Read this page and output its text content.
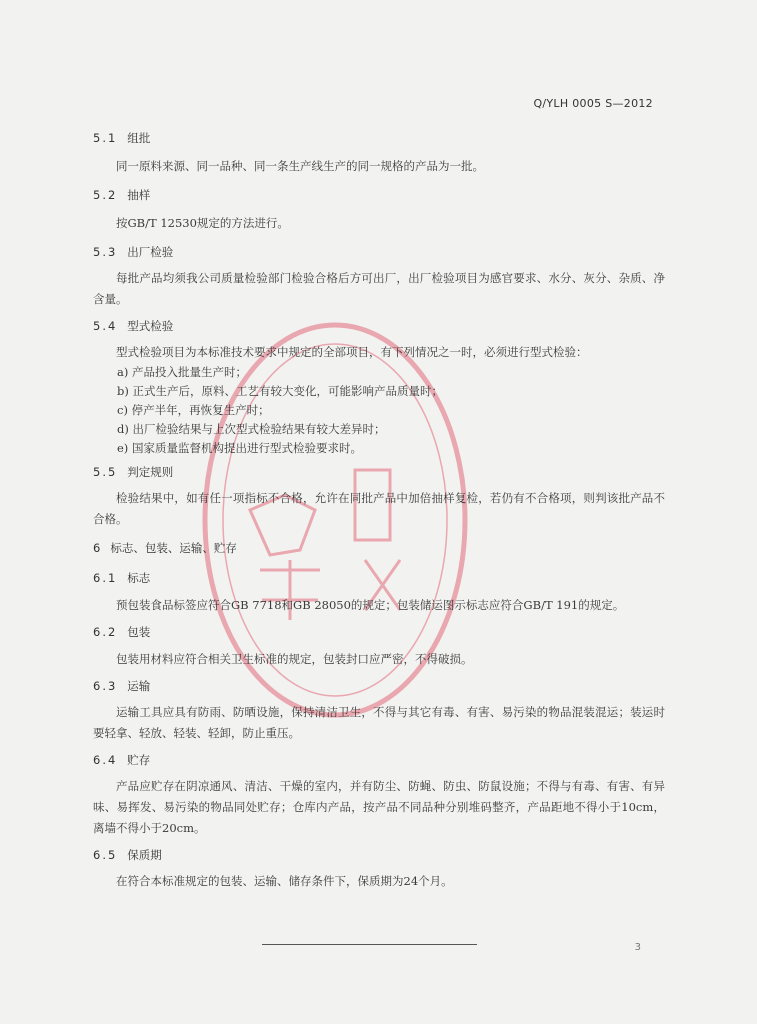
Q/YLH 0005 S—2012
5.1 组批

同一原料来源、同一品种、同一条生产线生产的同一规格的产品为一批。

5.2 抽样

按GB/T 12530规定的方法进行。

5.3 出厂检验

每批产品均须我公司质量检验部门检验合格后方可出厂，出厂检验项目为感官要求、水分、灰分、杂质、净含量。

5.4 型式检验

型式检验项目为本标准技术要求中规定的全部项目，有下列情况之一时，必须进行型式检验：

a) 产品投入批量生产时；
b) 正式生产后，原料、工艺有较大变化，可能影响产品质量时；
c) 停产半年，再恢复生产时；
d) 出厂检验结果与上次型式检验结果有较大差异时；
e) 国家质量监督机构提出进行型式检验要求时。
5.5 判定规则

检验结果中，如有任一项指标不合格，允许在同批产品中加倍抽样复检，若仍有不合格项，则判该批产品不合格。

6 标志、包装、运输、贮存
6.1 标志

预包装食品标签应符合GB 7718和GB 28050的规定；包装储运图示标志应符合GB/T 191的规定。

6.2 包装

包装用材料应符合相关卫生标准的规定，包装封口应严密，不得破损。

6.3 运输

运输工具应具有防雨、防晒设施，保持清洁卫生，不得与其它有毒、有害、易污染的物品混装混运；装运时要轻拿、轻放、轻装、轻卸，防止重压。

6.4 贮存

产品应贮存在阴凉通风、清洁、干燥的室内，并有防尘、防蝇、防虫、防鼠设施；不得与有毒、有害、有异味、易挥发、易污染的物品同处贮存；仓库内产品，按产品不同品种分别堆码整齐，产品距地不得小于10cm，离墙不得小于20cm。

6.5 保质期

在符合本标准规定的包装、运输、储存条件下，保质期为24个月。

3
